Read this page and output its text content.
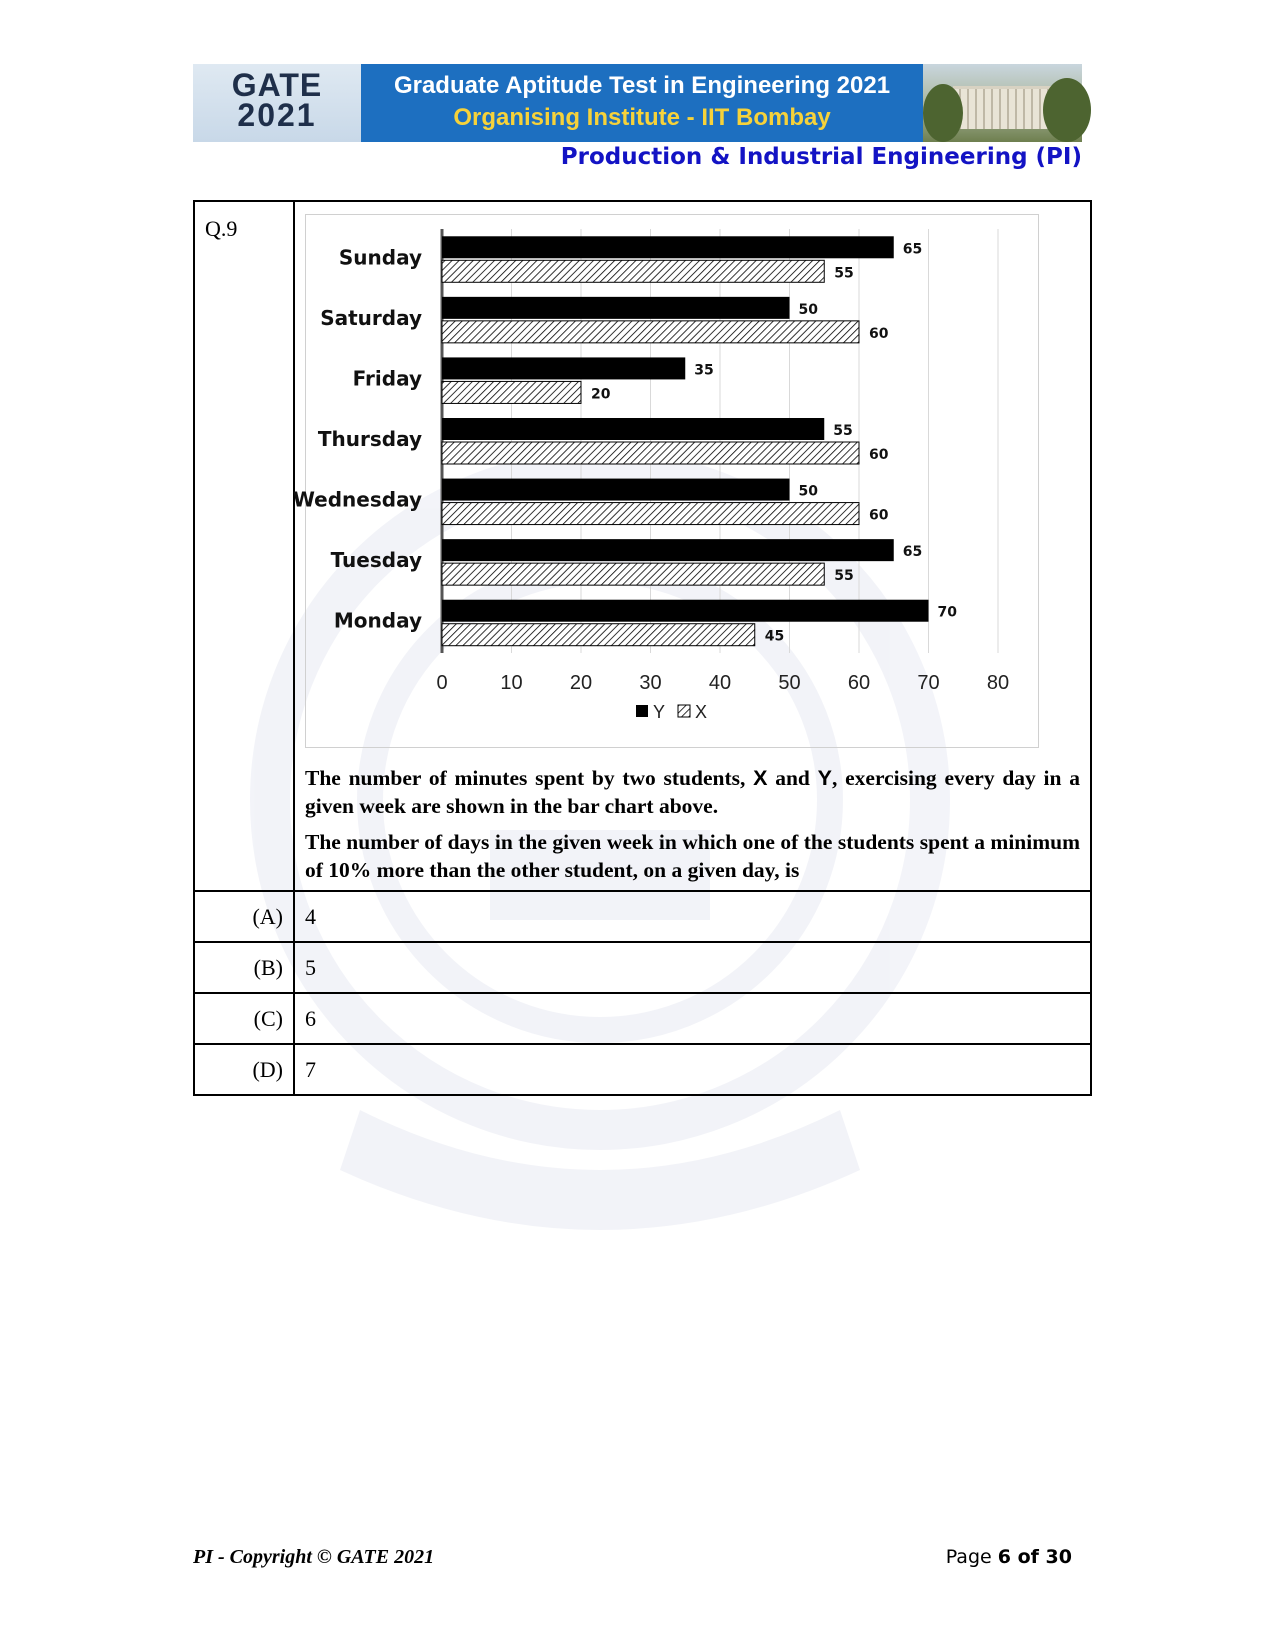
GATE
2021
Graduate Aptitude Test in Engineering 2021
Organising Institute - IIT Bombay
Production & Industrial Engineering (PI)
Q.9
0	10 20 30 40 50 60 70 80
Sunday	65
55
Saturday	50
60
Friday	35
20
Thursday	55
60
Wednesday	50
60
Tuesday	65
55
Monday	70
45
Y X

The number of minutes spent by two students, X and Y, exercising every day in a given week are shown in the bar chart above.

The number of days in the given week in which one of the students spent a minimum of 10% more than the other student, on a given day, is

(A)	4
(B)	5
(C)	6
(D)	7
PI - Copyright © GATE 2021	Page 6 of 30
